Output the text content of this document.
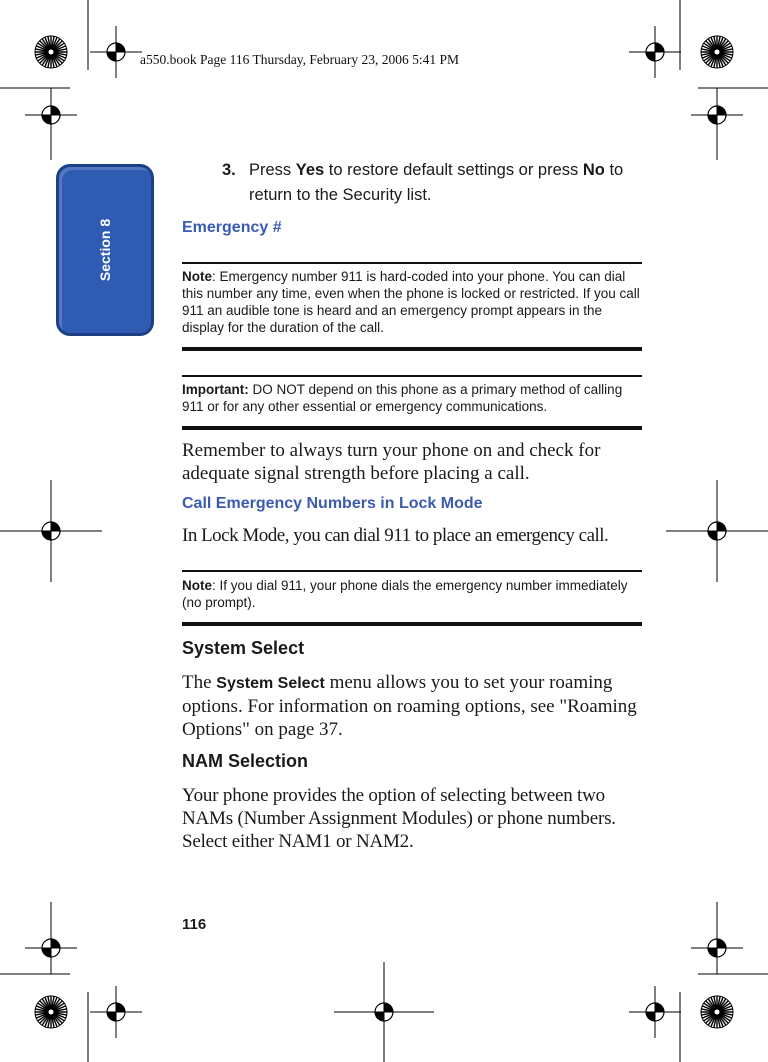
a550.book Page 116 Thursday, February 23, 2006 5:41 PM
Section 8
3. Press Yes to restore default settings or press No to return to the Security list.
Emergency #
Note: Emergency number 911 is hard-coded into your phone. You can dial this number any time, even when the phone is locked or restricted. If you call 911 an audible tone is heard and an emergency prompt appears in the display for the duration of the call.
Important: DO NOT depend on this phone as a primary method of calling 911 or for any other essential or emergency communications.
Remember to always turn your phone on and check for adequate signal strength before placing a call.
Call Emergency Numbers in Lock Mode
In Lock Mode, you can dial 911 to place an emergency call.
Note: If you dial 911, your phone dials the emergency number immediately (no prompt).
System Select
The System Select menu allows you to set your roaming options. For information on roaming options, see "Roaming Options" on page 37.
NAM Selection
Your phone provides the option of selecting between two NAMs (Number Assignment Modules) or phone numbers. Select either NAM1 or NAM2.
116
